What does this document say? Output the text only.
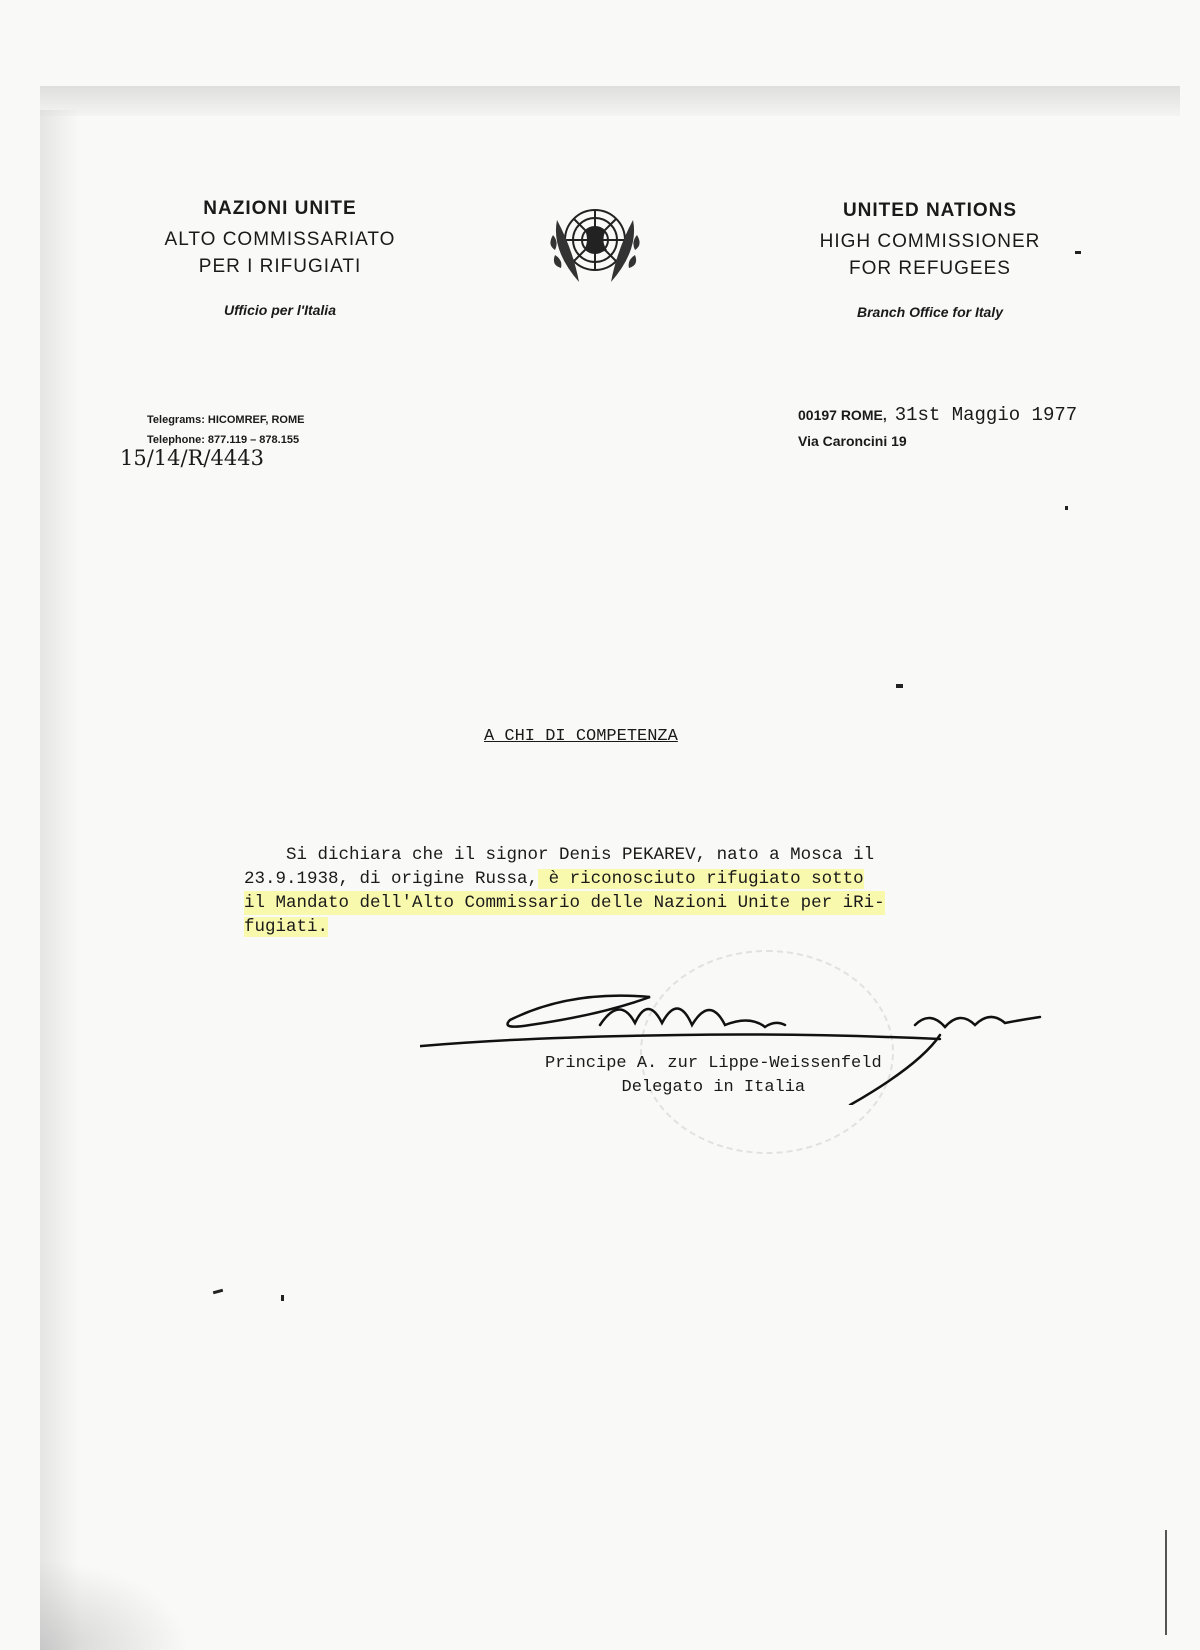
NAZIONI UNITE
ALTO COMMISSARIATO
PER I RIFUGIATI
Ufficio per l'Italia
UNITED NATIONS
HIGH COMMISSIONER
FOR REFUGEES
Branch Office for Italy
Telegrams: HICOMREF, ROME
Telephone: 877.119 – 878.155
15/14/R/4443
00197 ROME, 31st Maggio 1977
Via Caroncini 19
A CHI DI COMPETENZA
Si dichiara che il signor Denis PEKAREV, nato a Mosca il
23.9.1938, di origine Russa, è riconosciuto rifugiato sotto
il Mandato dell'Alto Commissario delle Nazioni Unite per iRi-
fugiati.
Principe A. zur Lippe-Weissenfeld
Delegato in Italia
